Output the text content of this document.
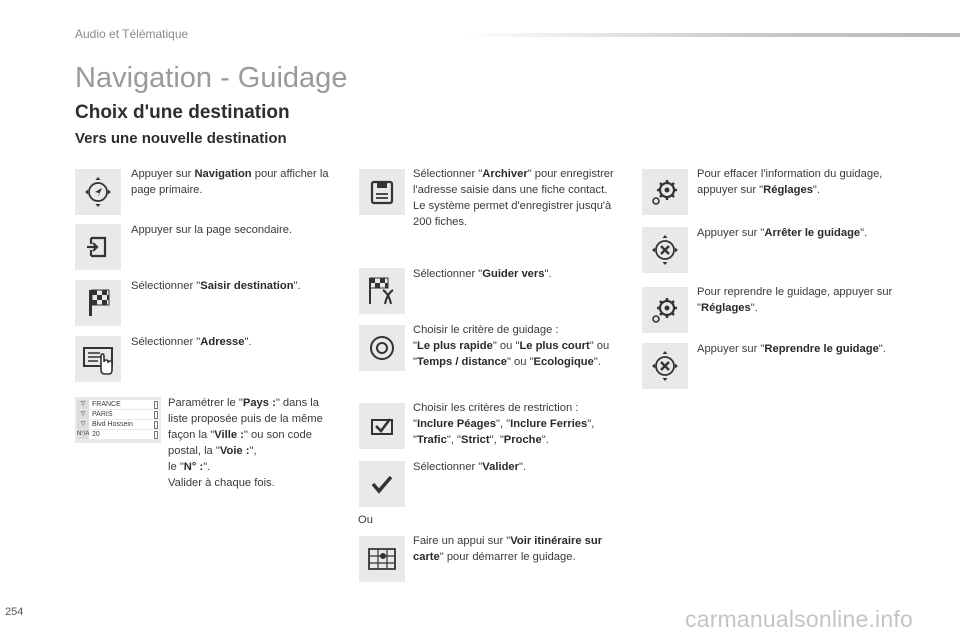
Audio et Télématique
Navigation - Guidage
Choix d'une destination
Vers une nouvelle destination
Appuyer sur Navigation pour afficher la page primaire.
Appuyer sur la page secondaire.
Sélectionner "Saisir destination".
Sélectionner "Adresse".
▽ FRANCE
▽ PARIS
▽ Blvd Hossein
N°/A 20
Paramétrer le "Pays :" dans la liste proposée puis de la même façon la "Ville :" ou son code postal, la "Voie :",
le "N° :".
Valider à chaque fois.
Sélectionner "Archiver" pour enregistrer l'adresse saisie dans une fiche contact.
Le système permet d'enregistrer jusqu'à 200 fiches.
Sélectionner "Guider vers".
Choisir le critère de guidage :
"Le plus rapide" ou "Le plus court" ou "Temps / distance" ou "Ecologique".
Choisir les critères de restriction :
"Inclure Péages", "Inclure Ferries", "Trafic", "Strict", "Proche".
Sélectionner "Valider".
Ou
Faire un appui sur "Voir itinéraire sur carte" pour démarrer le guidage.
Pour effacer l'information du guidage, appuyer sur "Réglages".
Appuyer sur "Arrêter le guidage".
Pour reprendre le guidage, appuyer sur "Réglages".
Appuyer sur "Reprendre le guidage".
254	carmanualsonline.info
